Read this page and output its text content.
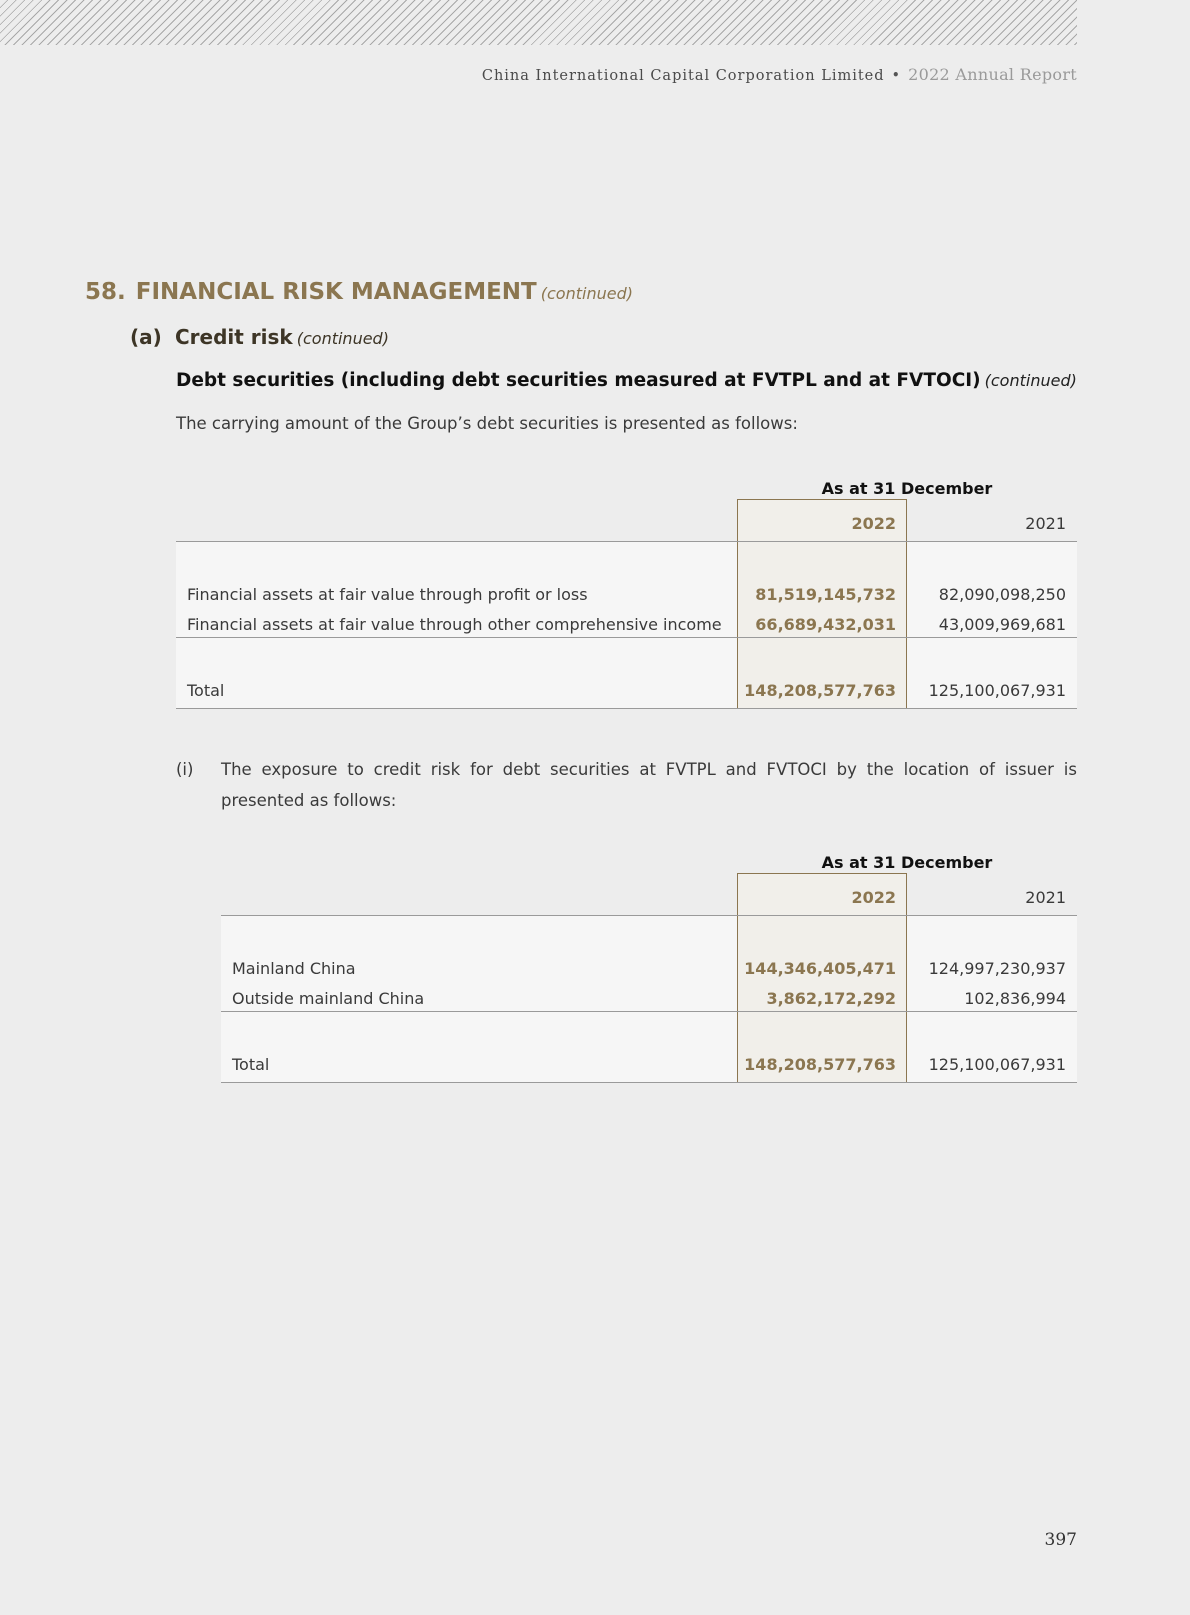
China International Capital Corporation Limited • 2022 Annual Report
58. FINANCIAL RISK MANAGEMENT (continued)
(a) Credit risk (continued)
Debt securities (including debt securities measured at FVTPL and at FVTOCI) (continued)
The carrying amount of the Group’s debt securities is presented as follows:
As at 31 December
2022	2021
Financial assets at fair value through profit or loss	81,519,145,732	82,090,098,250
Financial assets at fair value through other comprehensive income	66,689,432,031	43,009,969,681
Total	148,208,577,763	125,100,067,931
(i) The exposure to credit risk for debt securities at FVTPL and FVTOCI by the location of issuer is presented as follows:
As at 31 December
2022	2021
Mainland China	144,346,405,471	124,997,230,937
Outside mainland China	3,862,172,292	102,836,994
Total	148,208,577,763	125,100,067,931
397
